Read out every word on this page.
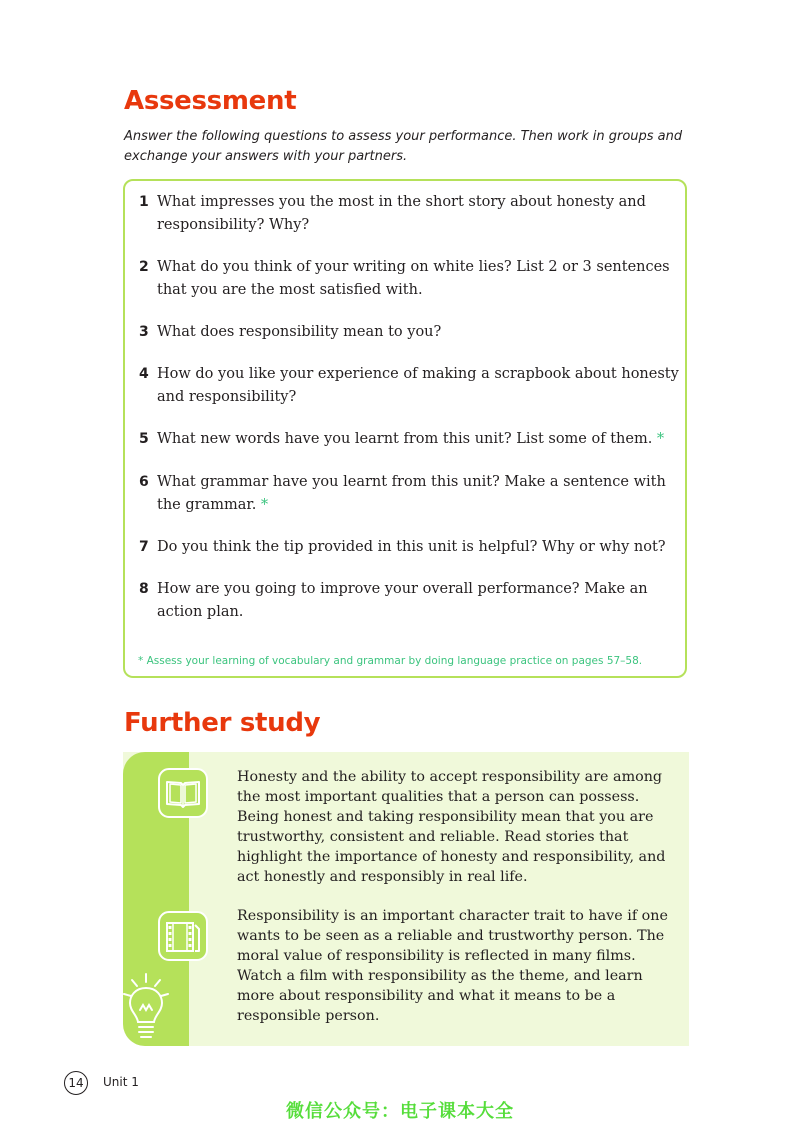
Assessment

Answer the following questions to assess your performance. Then work in groups and exchange your answers with your partners.

1 What impresses you the most in the short story about honesty and responsibility? Why?
2 What do you think of your writing on white lies? List 2 or 3 sentences that you are the most satisfied with.
3 What does responsibility mean to you?
4 How do you like your experience of making a scrapbook about honesty and responsibility?
5 What new words have you learnt from this unit? List some of them. *
6 What grammar have you learnt from this unit? Make a sentence with the grammar. *
7 Do you think the tip provided in this unit is helpful? Why or why not?
8 How are you going to improve your overall performance? Make an action plan.

* Assess your learning of vocabulary and grammar by doing language practice on pages 57–58.

Further study

Honesty and the ability to accept responsibility are among the most important qualities that a person can possess. Being honest and taking responsibility mean that you are trustworthy, consistent and reliable. Read stories that highlight the importance of honesty and responsibility, and act honestly and responsibly in real life.

Responsibility is an important character trait to have if one wants to be seen as a reliable and trustworthy person. The moral value of responsibility is reflected in many films. Watch a film with responsibility as the theme, and learn more about responsibility and what it means to be a responsible person.

14	Unit 1
微信公众号：电子课本大全
